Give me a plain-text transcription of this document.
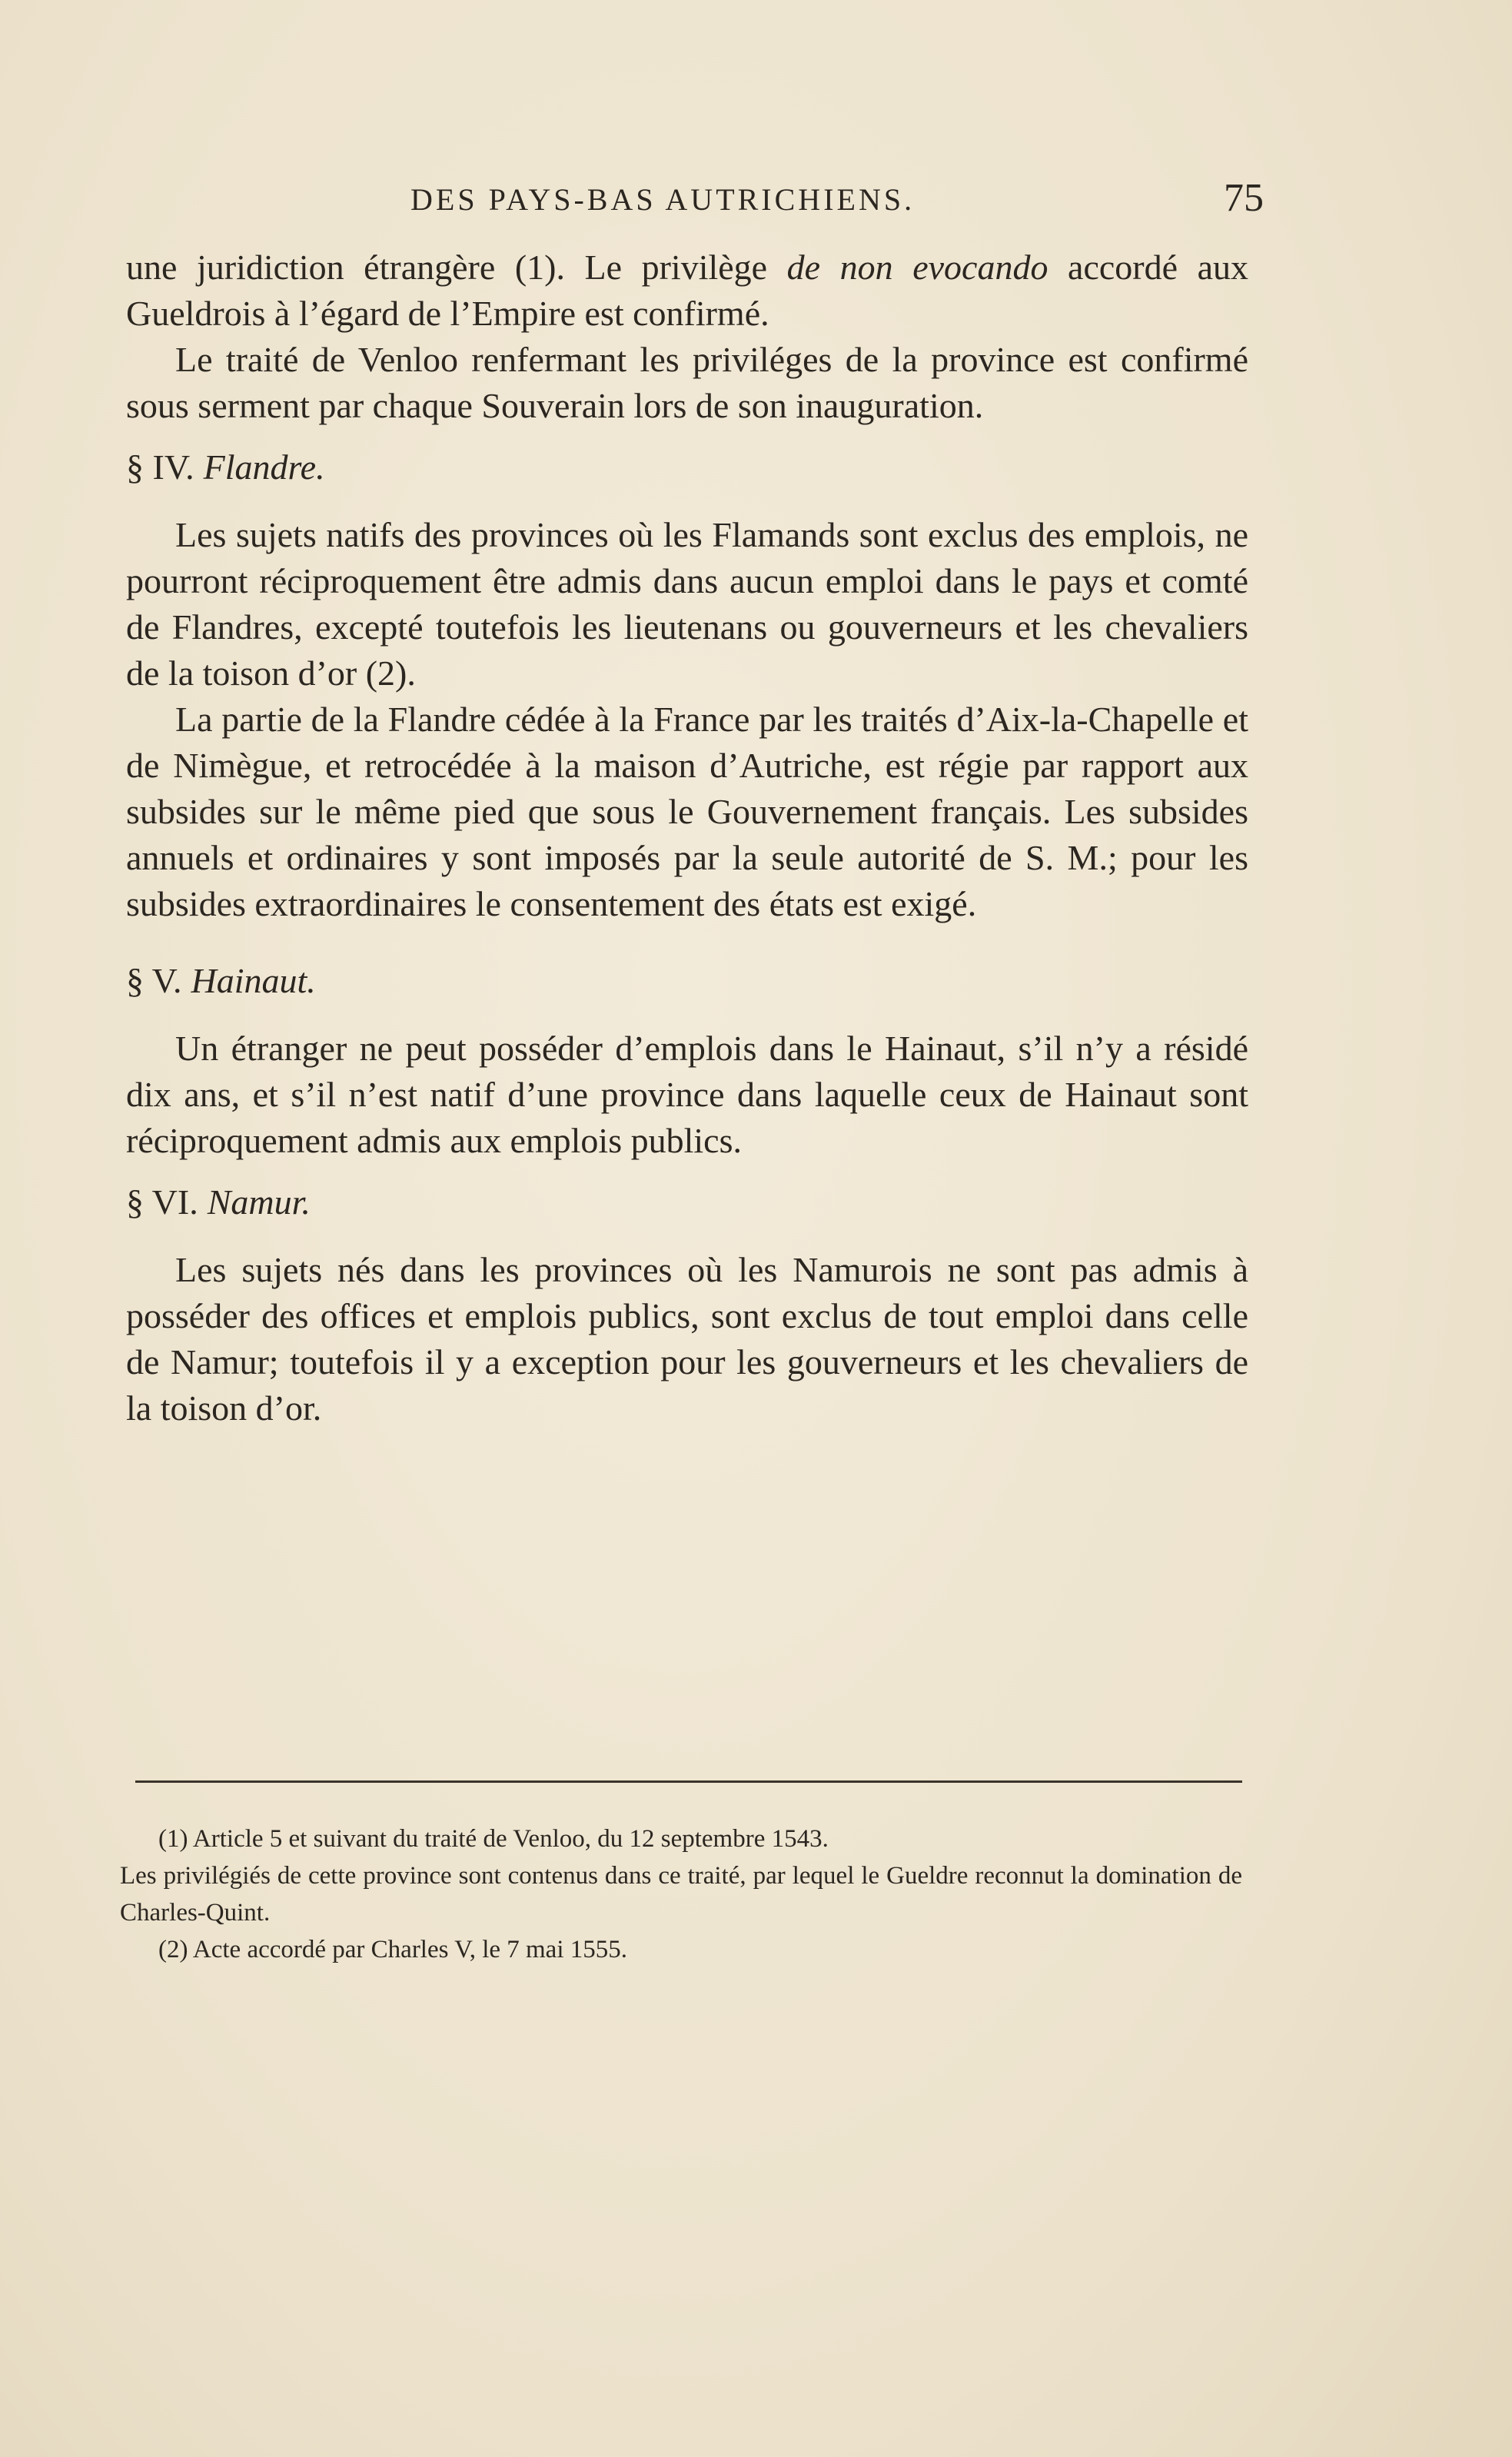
DES PAYS-BAS AUTRICHIENS.	75

une juridiction étrangère (1). Le privilège de non evocando accordé aux Gueldrois à l’égard de l’Empire est confirmé.

Le traité de Venloo renfermant les priviléges de la province est confirmé sous serment par chaque Souverain lors de son inauguration.

§ IV. Flandre.

Les sujets natifs des provinces où les Flamands sont exclus des emplois, ne pourront réciproquement être admis dans aucun emploi dans le pays et comté de Flandres, excepté toutefois les lieutenans ou gouverneurs et les chevaliers de la toison d’or (2).

La partie de la Flandre cédée à la France par les traités d’Aix-la-Chapelle et de Nimègue, et retrocédée à la maison d’Autriche, est régie par rapport aux subsides sur le même pied que sous le Gouvernement français. Les subsides annuels et ordinaires y sont imposés par la seule autorité de S. M.; pour les subsides extraordinaires le consentement des états est exigé.

§ V. Hainaut.

Un étranger ne peut posséder d’emplois dans le Hainaut, s’il n’y a résidé dix ans, et s’il n’est natif d’une province dans laquelle ceux de Hainaut sont réciproquement admis aux emplois publics.

§ VI. Namur.

Les sujets nés dans les provinces où les Namurois ne sont pas admis à posséder des offices et emplois publics, sont exclus de tout emploi dans celle de Namur; toutefois il y a exception pour les gouverneurs et les chevaliers de la toison d’or.

(1) Article 5 et suivant du traité de Venloo, du 12 septembre 1543.

Les privilégiés de cette province sont contenus dans ce traité, par lequel le Gueldre reconnut la domination de Charles-Quint.

(2) Acte accordé par Charles V, le 7 mai 1555.
